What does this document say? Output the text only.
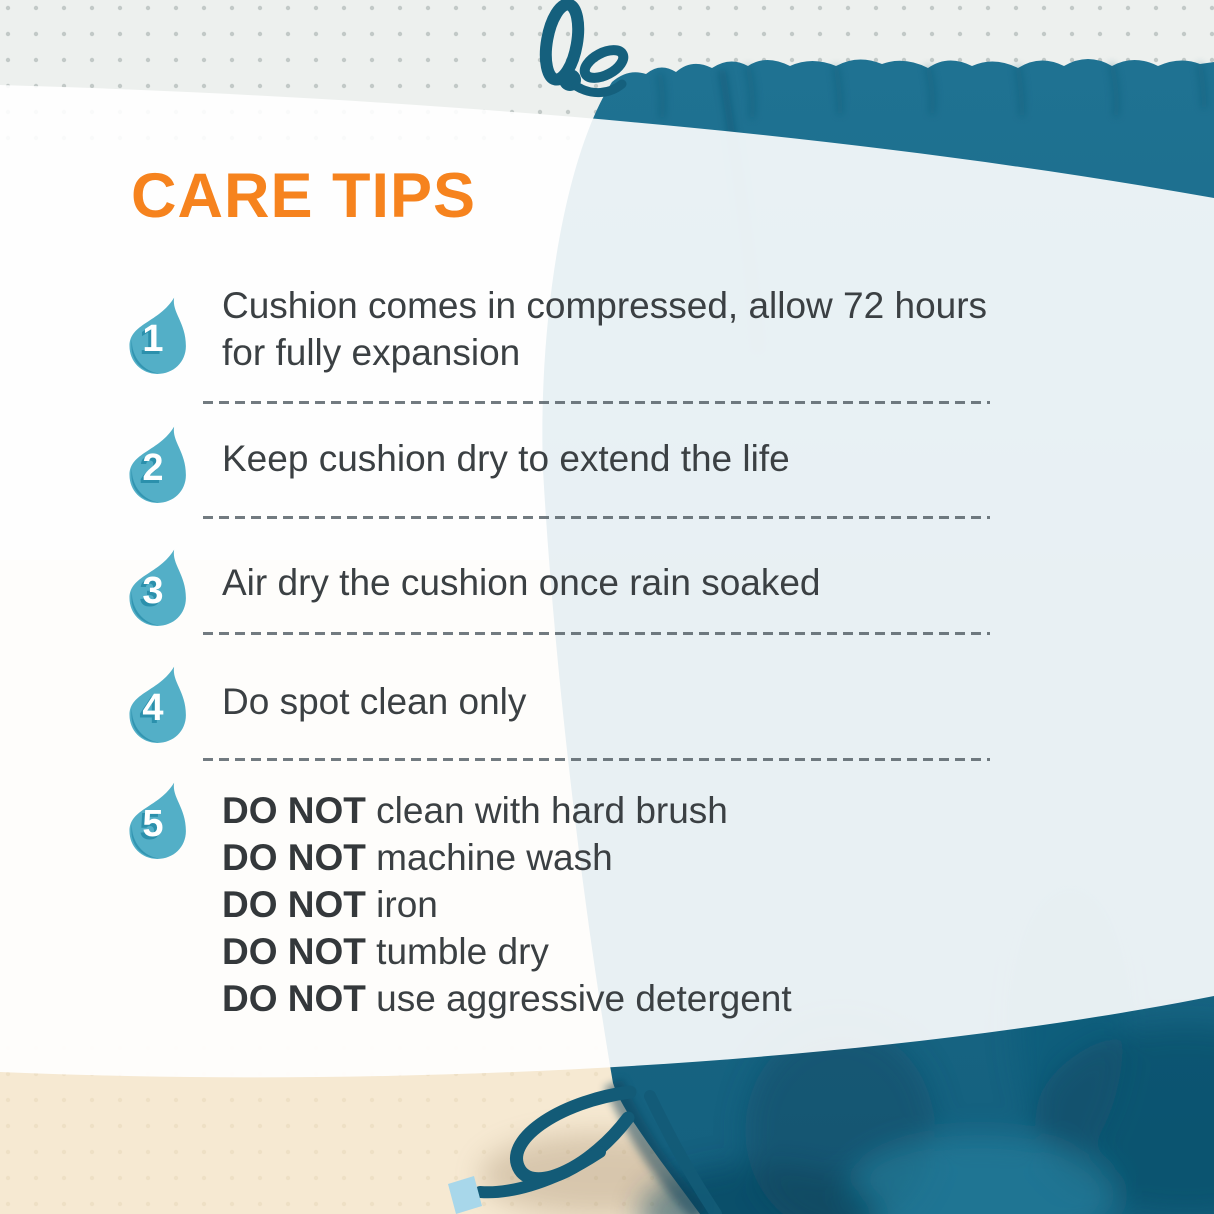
CARE TIPS
1
Cushion comes in compressed, allow 72 hours
for fully expansion
2	Keep cushion dry to extend the life
3	Air dry the cushion once rain soaked
4	Do spot clean only
5	DO NOT clean with hard brush
DO NOT machine wash
DO NOT iron
DO NOT tumble dry
DO NOT use aggressive detergent
